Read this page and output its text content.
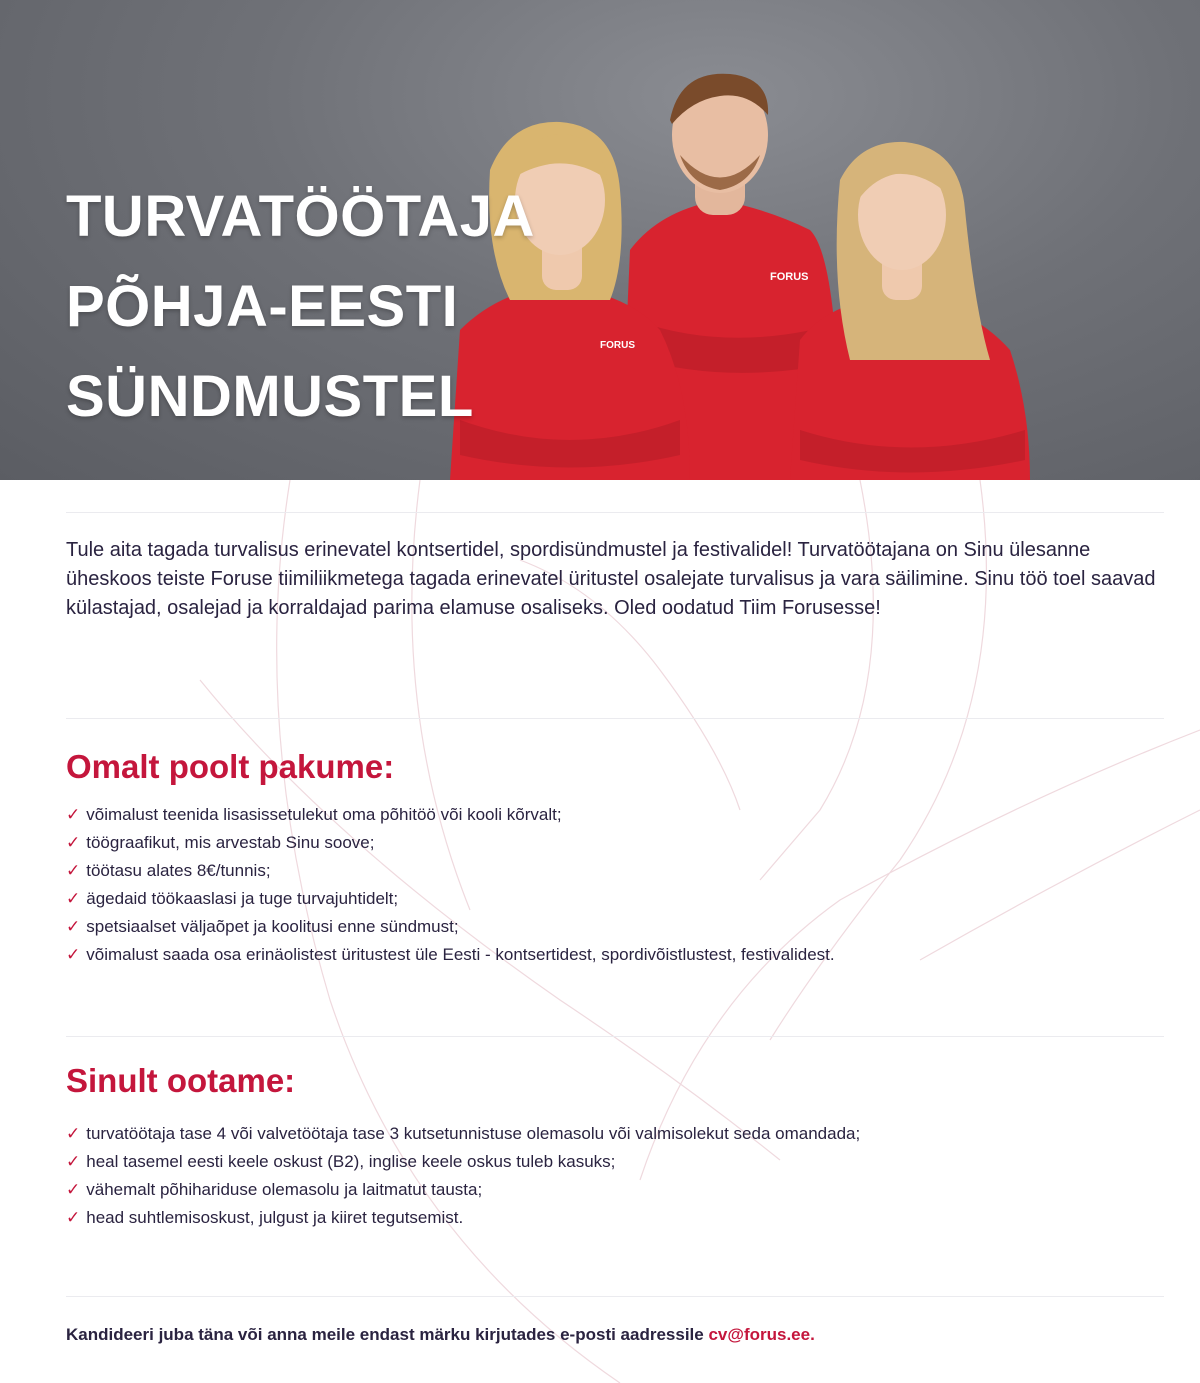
FORUS
FORUS
TURVATÖÖTAJA
PÕHJA-EESTI
SÜNDMUSTEL

Tule aita tagada turvalisus erinevatel kontsertidel, spordisündmustel ja festivalidel! Turvatöötajana on Sinu ülesanne üheskoos teiste Foruse tiimiliikmetega tagada erinevatel üritustel osalejate turvalisus ja vara säilimine. Sinu töö toel saavad külastajad, osalejad ja korraldajad parima elamuse osaliseks. Oled oodatud Tiim Forusesse!

Omalt poolt pakume:
✓ võimalust teenida lisasissetulekut oma põhitöö või kooli kõrvalt;
✓ töögraafikut, mis arvestab Sinu soove;
✓ töötasu alates 8€/tunnis;
✓ ägedaid töökaaslasi ja tuge turvajuhtidelt;
✓ spetsiaalset väljaõpet ja koolitusi enne sündmust;
✓ võimalust saada osa erinäolistest üritustest üle Eesti - kontsertidest, spordivõistlustest, festivalidest.
Sinult ootame:
✓ turvatöötaja tase 4 või valvetöötaja tase 3 kutsetunnistuse olemasolu või valmisolekut seda omandada;
✓ heal tasemel eesti keele oskust (B2), inglise keele oskus tuleb kasuks;
✓ vähemalt põhihariduse olemasolu ja laitmatut tausta;
✓ head suhtlemisoskust, julgust ja kiiret tegutsemist.

Kandideeri juba täna või anna meile endast märku kirjutades e-posti aadressile cv@forus.ee.
